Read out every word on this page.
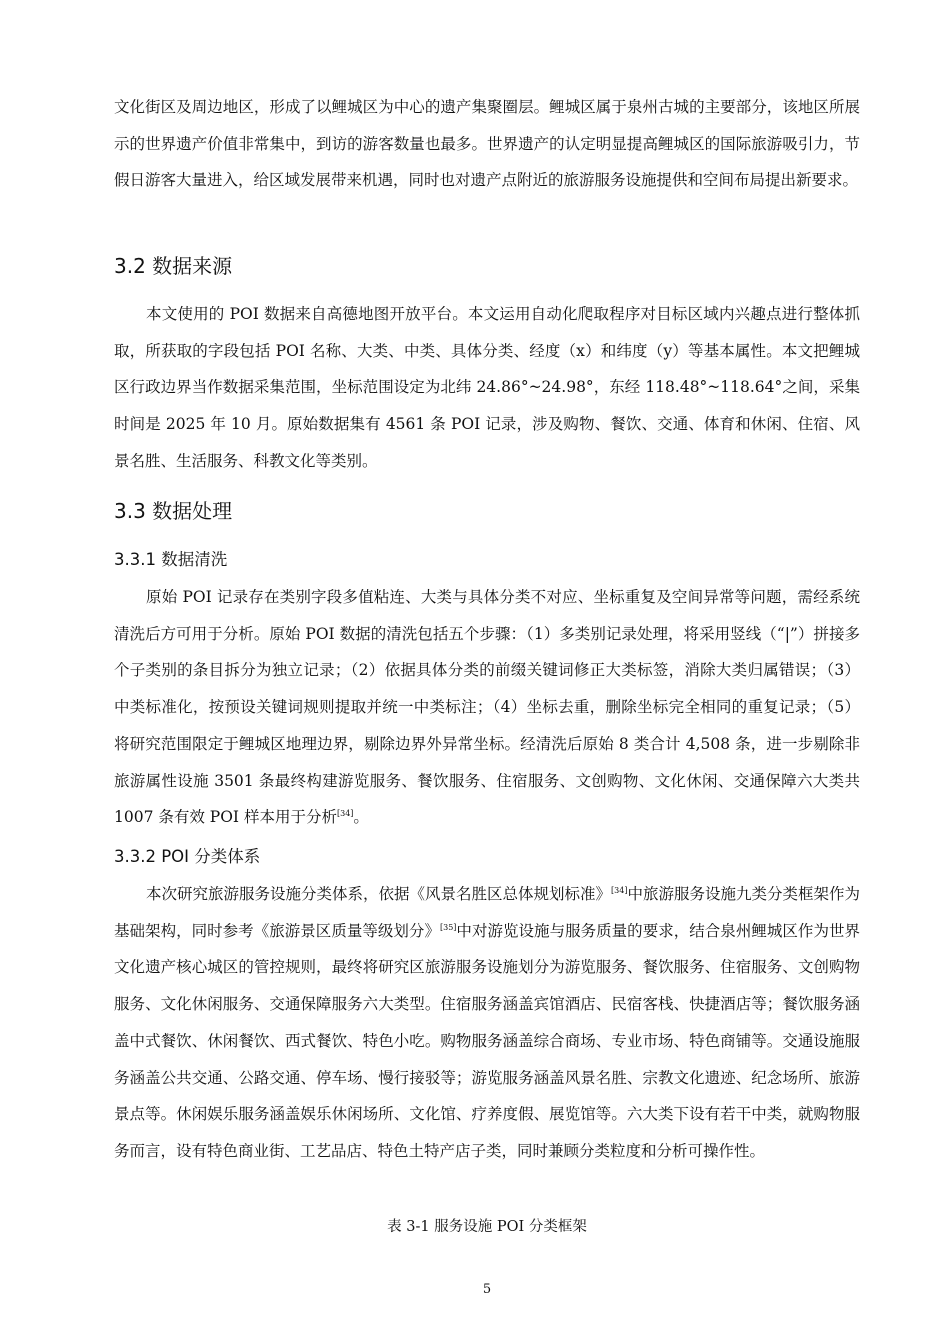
文化街区及周边地区，形成了以鲤城区为中心的遗产集聚圈层。鲤城区属于泉州古城的主要部分，该地区所展示的世界遗产价值非常集中，到访的游客数量也最多。世界遗产的认定明显提高鲤城区的国际旅游吸引力，节假日游客大量进入，给区域发展带来机遇，同时也对遗产点附近的旅游服务设施提供和空间布局提出新要求。

3.2 数据来源

本文使用的 POI 数据来自高德地图开放平台。本文运用自动化爬取程序对目标区域内兴趣点进行整体抓取，所获取的字段包括 POI 名称、大类、中类、具体分类、经度（x）和纬度（y）等基本属性。本文把鲤城区行政边界当作数据采集范围，坐标范围设定为北纬 24.86°~24.98°，东经 118.48°~118.64°之间，采集时间是 2025 年 10 月。原始数据集有 4561 条 POI 记录，涉及购物、餐饮、交通、体育和休闲、住宿、风景名胜、生活服务、科教文化等类别。

3.3 数据处理
3.3.1 数据清洗

原始 POI 记录存在类别字段多值粘连、大类与具体分类不对应、坐标重复及空间异常等问题，需经系统清洗后方可用于分析。原始 POI 数据的清洗包括五个步骤：（1）多类别记录处理，将采用竖线（“|”）拼接多个子类别的条目拆分为独立记录；（2）依据具体分类的前缀关键词修正大类标签，消除大类归属错误；（3）中类标准化，按预设关键词规则提取并统一中类标注；（4）坐标去重，删除坐标完全相同的重复记录；（5）将研究范围限定于鲤城区地理边界，剔除边界外异常坐标。经清洗后原始 8 类合计 4,508 条，进一步剔除非旅游属性设施 3501 条最终构建游览服务、餐饮服务、住宿服务、文创购物、文化休闲、交通保障六大类共 1007 条有效 POI 样本用于分析[34]。

3.3.2 POI 分类体系

本次研究旅游服务设施分类体系，依据《风景名胜区总体规划标准》[34]中旅游服务设施九类分类框架作为基础架构，同时参考《旅游景区质量等级划分》[35]中对游览设施与服务质量的要求，结合泉州鲤城区作为世界文化遗产核心城区的管控规则，最终将研究区旅游服务设施划分为游览服务、餐饮服务、住宿服务、文创购物服务、文化休闲服务、交通保障服务六大类型。住宿服务涵盖宾馆酒店、民宿客栈、快捷酒店等；餐饮服务涵盖中式餐饮、休闲餐饮、西式餐饮、特色小吃。购物服务涵盖综合商场、专业市场、特色商铺等。交通设施服务涵盖公共交通、公路交通、停车场、慢行接驳等；游览服务涵盖风景名胜、宗教文化遗迹、纪念场所、旅游景点等。休闲娱乐服务涵盖娱乐休闲场所、文化馆、疗养度假、展览馆等。六大类下设有若干中类，就购物服务而言，设有特色商业街、工艺品店、特色土特产店子类，同时兼顾分类粒度和分析可操作性。

表 3-1 服务设施 POI 分类框架
5
